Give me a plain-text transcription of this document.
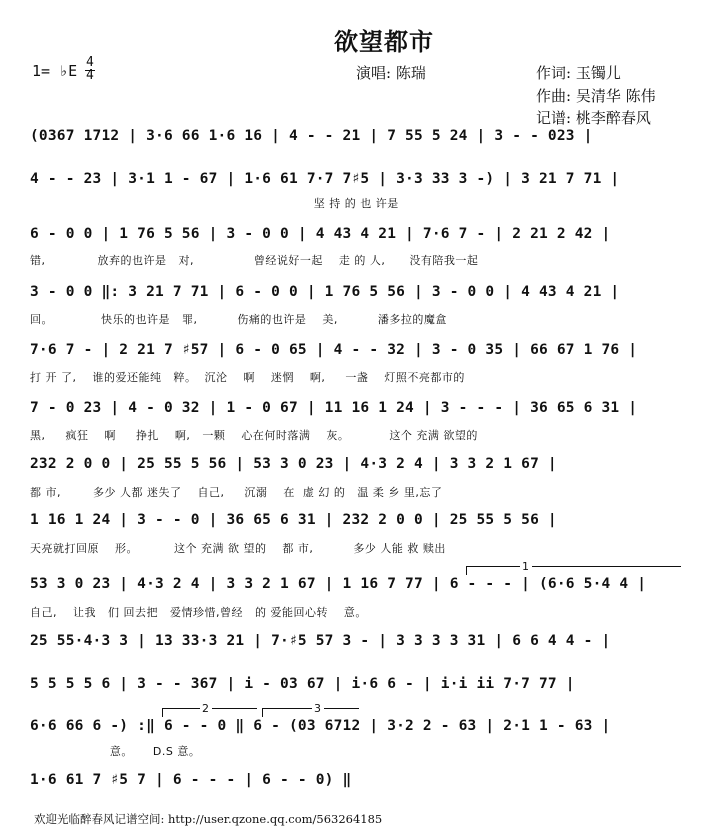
欲望都市
1= ♭E 4
4	演唱: 陈瑞	作词: 玉镯儿
作曲: 吴清华 陈伟
记谱: 桃李醉春风
(0367 1712 | 3·6 66 1·6 16 | 4 - - 21 | 7 55 5 24 | 3 - - 023 |
4 - - 23 | 3·1 1 - 67 | 1·6 61 7·7 7♯5 | 3·3 33 3 -) | 3 21 7 71 |
坚 持 的 也 许是
6 - 0 0 | 1 76 5 56 | 3 - 0 0 | 4 43 4 21 | 7·6 7 - | 2 21 2 42 |
错,             放弃的也许是   对,               曾经说好一起    走 的 人,      没有陪我一起
3 - 0 0 ‖: 3 21 7 71 | 6 - 0 0 | 1 76 5 56 | 3 - 0 0 | 4 43 4 21 |
回。            快乐的也许是   罪,          伤痛的也许是    美,          潘多拉的魔盒
7·6 7 - | 2 21 7 ♯57 | 6 - 0 65 | 4 - - 32 | 3 - 0 35 | 66 67 1 76 |
打 开 了,    谁的爱还能纯   粹。  沉沦    啊    迷惘    啊,     一盏    灯照不亮都市的
7 - 0 23 | 4 - 0 32 | 1 - 0 67 | 11 16 1 24 | 3 - - - | 36 65 6 31 |
黑,     疯狂    啊     挣扎    啊,   一颗    心在何时落满    灰。          这个 充满 欲望的
232 2 0 0 | 25 55 5 56 | 53 3 0 23 | 4·3 2 4 | 3 3 2 1 67 |
都 市,        多少 人都 迷失了    自己,     沉溺    在  虚 幻 的   温 柔 乡 里,忘了
1 16 1 24 | 3 - - 0 | 36 65 6 31 | 232 2 0 0 | 25 55 5 56 |
天亮就打回原    形。         这个 充满 欲 望的    都 市,          多少 人能 救 赎出
53 3 0 23 | 4·3 2 4 | 3 3 2 1 67 | 1 16 7 77 | 6 - - - | (6·6 5·4 4 |
自己,    让我   们 回去把   爱情珍惜,曾经   的 爱能回心转    意。
25 55·4·3 3 | 13 33·3 21 | 7·♯5 57 3 - | 3 3 3 3 31 | 6 6 4 4 - |
5 5 5 5 6 | 3 - - 367 | i - 03 67 | i·6 6 - | i·i ii 7·7 77 |
6·6 66 6 -) :‖ 6 - - 0 ‖ 6 - (03 6712 | 3·2 2 - 63 | 2·1 1 - 63 |
意。     D.S 意。
1·6 61 7 ♯5 7 | 6 - - - | 6 - - 0) ‖
1
2	3
欢迎光临醉春风记谱空间: http://user.qzone.qq.com/563264185
